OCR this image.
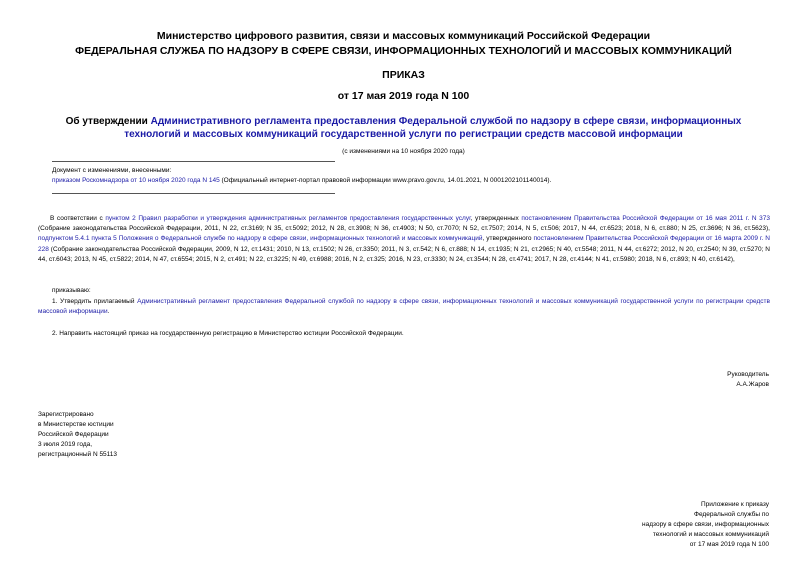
Министерство цифрового развития, связи и массовых коммуникаций Российской Федерации
ФЕДЕРАЛЬНАЯ СЛУЖБА ПО НАДЗОРУ В СФЕРЕ СВЯЗИ, ИНФОРМАЦИОННЫХ ТЕХНОЛОГИЙ И МАССОВЫХ КОММУНИКАЦИЙ
ПРИКАЗ
от 17 мая 2019 года N 100
Об утверждении Административного регламента предоставления Федеральной службой по надзору в сфере связи, информационных технологий и массовых коммуникаций государственной услуги по регистрации средств массовой информации
(с изменениями на 10 ноября 2020 года)
Документ с изменениями, внесенными:
приказом Роскомнадзора от 10 ноября 2020 года N 145 (Официальный интернет-портал правовой информации www.pravo.gov.ru, 14.01.2021, N 0001202101140014).
В соответствии с пунктом 2 Правил разработки и утверждения административных регламентов предоставления государственных услуг, утвержденных постановлением Правительства Российской Федерации от 16 мая 2011 г. N 373 (Собрание законодательства Российской Федерации, 2011, N 22, ст.3169; N 35, ст.5092; 2012, N 28, ст.3908; N 36, ст.4903; N 50, ст.7070; N 52, ст.7507; 2014, N 5, ст.506; 2017, N 44, ст.6523; 2018, N 6, ст.880; N 25, ст.3696; N 36, ст.5623), подпунктом 5.4.1 пункта 5 Положения о Федеральной службе по надзору в сфере связи, информационных технологий и массовых коммуникаций, утвержденного постановлением Правительства Российской Федерации от 16 марта 2009 г. N 228 (Собрание законодательства Российской Федерации, 2009, N 12, ст.1431; 2010, N 13, ст.1502; N 26, ст.3350; 2011, N 3, ст.542; N 6, ст.888; N 14, ст.1935; N 21, ст.2965; N 40, ст.5548; 2011, N 44, ст.6272; 2012, N 20, ст.2540; N 39, ст.5270; N 44, ст.6043; 2013, N 45, ст.5822; 2014, N 47, ст.6554; 2015, N 2, ст.491; N 22, ст.3225; N 49, ст.6988; 2016, N 2, ст.325; 2016, N 23, ст.3330; N 24, ст.3544; N 28, ст.4741; 2017, N 28, ст.4144; N 41, ст.5980; 2018, N 6, ст.893; N 40, ст.6142),
приказываю:
1. Утвердить прилагаемый Административный регламент предоставления Федеральной службой по надзору в сфере связи, информационных технологий и массовых коммуникаций государственной услуги по регистрации средств массовой информации.
2. Направить настоящий приказ на государственную регистрацию в Министерство юстиции Российской Федерации.
Руководитель
А.А.Жаров
Зарегистрировано
в Министерстве юстиции
Российской Федерации
3 июля 2019 года,
регистрационный N 55113
Приложение к приказу
Федеральной службы по
надзору в сфере связи, информационных
технологий и массовых коммуникаций
от 17 мая 2019 года N 100
